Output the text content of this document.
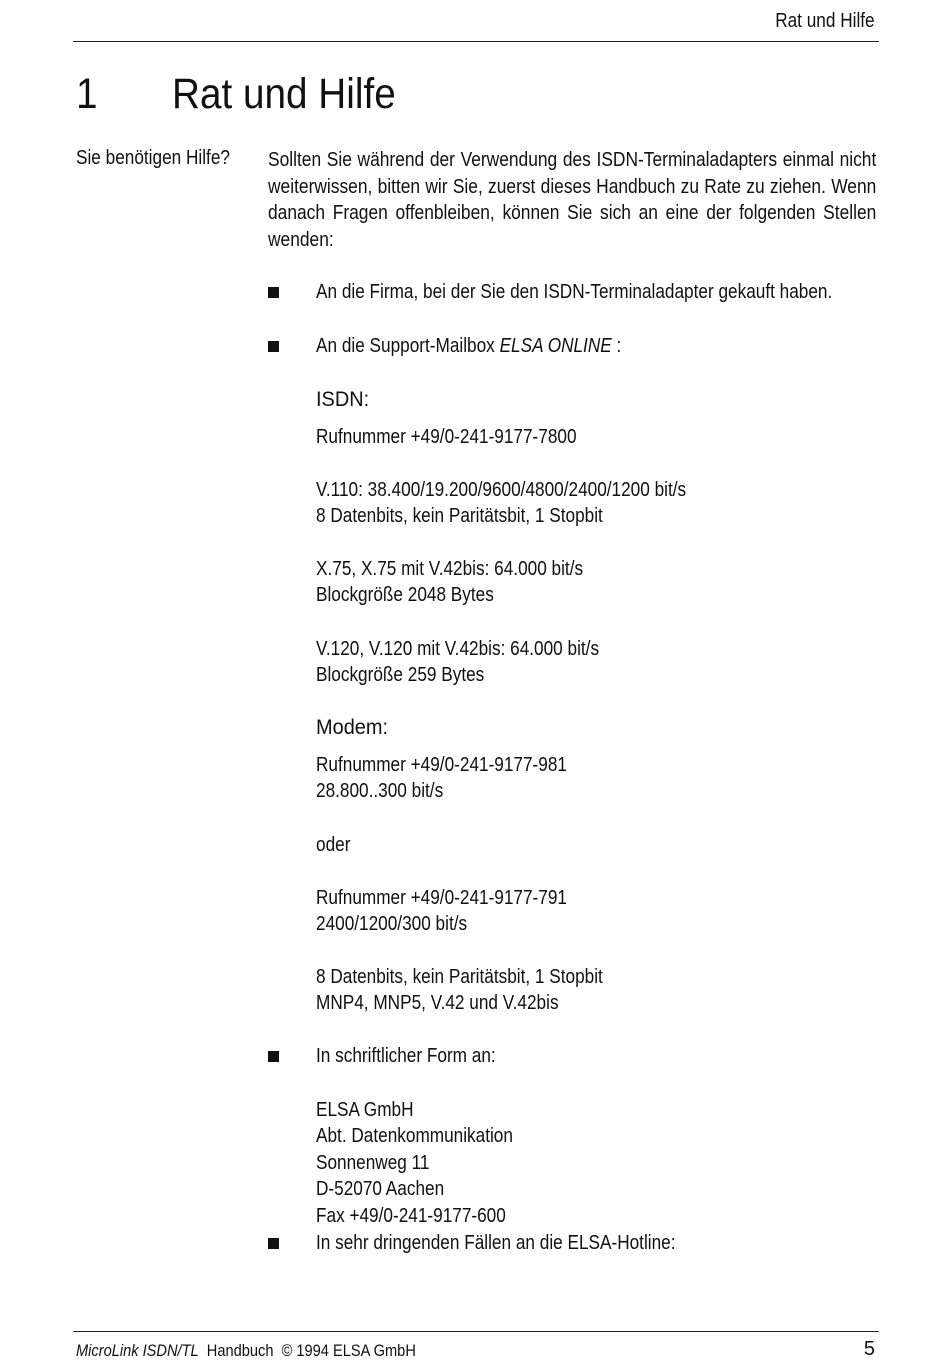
Rat und Hilfe
1 Rat und Hilfe
Sie benötigen Hilfe?	Sollten Sie während der Verwendung des ISDN-Terminaladapters einmal nicht weiterwissen, bitten wir Sie, zuerst dieses Handbuch zu Rate zu ziehen. Wenn danach Fragen offenbleiben, können Sie sich an eine der folgenden Stellen wenden:
An die Firma, bei der Sie den ISDN-Terminaladapter gekauft haben.
An die Support-Mailbox ELSA ONLINE :
ISDN:
Rufnummer +49/0-241-9177-7800
V.110: 38.400/19.200/9600/4800/2400/1200 bit/s
8 Datenbits, kein Paritätsbit, 1 Stopbit
X.75, X.75 mit V.42bis: 64.000 bit/s
Blockgröße 2048 Bytes
V.120, V.120 mit V.42bis: 64.000 bit/s
Blockgröße 259 Bytes
Modem:
Rufnummer +49/0-241-9177-981
28.800..300 bit/s
oder
Rufnummer +49/0-241-9177-791
2400/1200/300 bit/s
8 Datenbits, kein Paritätsbit, 1 Stopbit
MNP4, MNP5, V.42 und V.42bis
In schriftlicher Form an:
ELSA GmbH
Abt. Datenkommunikation
Sonnenweg 11
D-52070 Aachen
Fax +49/0-241-9177-600
In sehr dringenden Fällen an die ELSA-Hotline:
MicroLink ISDN/TL  Handbuch  © 1994 ELSA GmbH	5
